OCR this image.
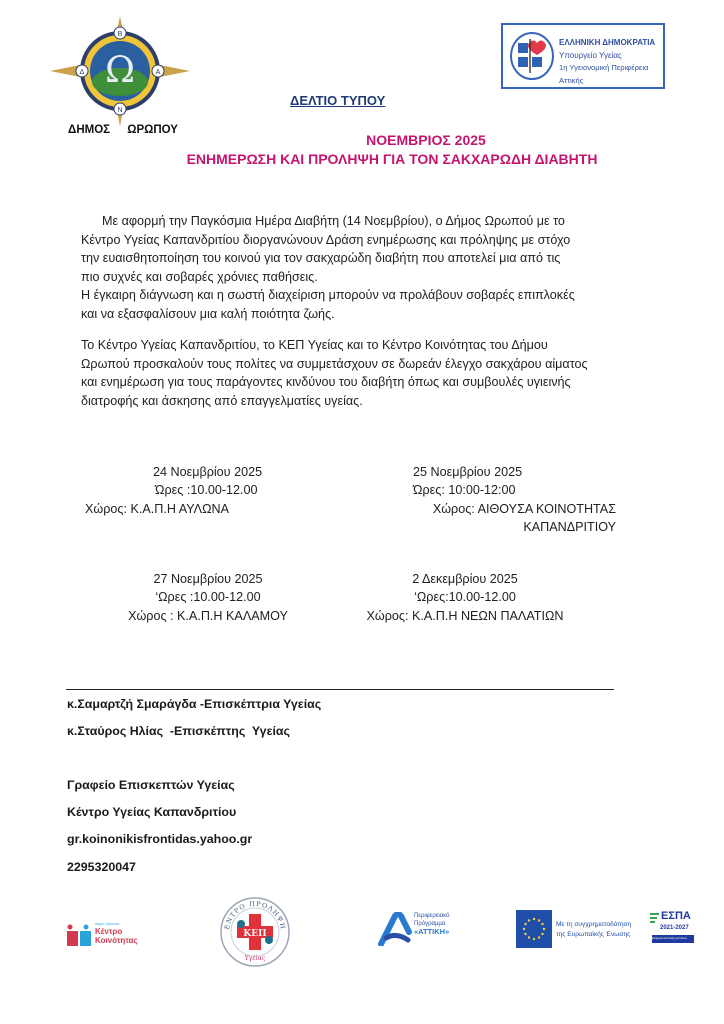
Β
Δ	Α
Ν
Ω
ΔΗΜΟΣ ΩΡΩΠΟΥ
ΕΛΛΗΝΙΚΗ ΔΗΜΟΚΡΑΤΙΑ
Υπουργείο Υγείας
1η Υγειονομική Περιφέρεια Αττικής
ΔΕΛΤΙΟ ΤΥΠΟΥ
ΝΟΕΜΒΡΙΟΣ 2025
ΕΝΗΜΕΡΩΣΗ ΚΑΙ ΠΡΟΛΗΨΗ ΓΙΑ ΤΟΝ ΣΑΚΧΑΡΩΔΗ ΔΙΑΒΗΤΗ
Με αφορμή την Παγκόσμια Ημέρα Διαβήτη (14 Νοεμβρίου), ο Δήμος Ωρωπού με το
Κέντρο Υγείας Καπανδριτίου διοργανώνουν Δράση ενημέρωσης και πρόληψης με στόχο
την ευαισθητοποίηση του κοινού για τον σακχαρώδη διαβήτη που αποτελεί μια από τις
πιο συχνές και σοβαρές χρόνιες παθήσεις.
Η έγκαιρη διάγνωση και η σωστή διαχείριση μπορούν να προλάβουν σοβαρές επιπλοκές
και να εξασφαλίσουν μια καλή ποιότητα ζωής.
Το Κέντρο Υγείας Καπανδριτίου, το ΚΕΠ Υγείας και το Κέντρο Κοινότητας του Δήμου
Ωρωπού προσκαλούν τους πολίτες να συμμετάσχουν σε δωρεάν έλεγχο σακχάρου αίματος
και ενημέρωση για τους παράγοντες κινδύνου του διαβήτη όπως και συμβουλές υγιεινής
διατροφής και άσκησης από επαγγελματίες υγείας.
24 Νοεμβρίου 2025
Ώρες :10.00-12.00
Χώρος: Κ.Α.Π.Η ΑΥΛΩΝΑ
25 Νοεμβρίου 2025
Ώρες: 10:00-12:00
Χώρος: ΑΙΘΟΥΣΑ ΚΟΙΝΟΤΗΤΑΣ
ΚΑΠΑΝΔΡΙΤΙΟΥ
27 Νοεμβρίου 2025
‘Ωρες :10.00-12.00
Χώρος : Κ.Α.Π.Η ΚΑΛΑΜΟΥ
2 Δεκεμβρίου 2025
‘Ωρες:10.00-12.00
Χώρος: Κ.Α.Π.Η ΝΕΩΝ ΠΑΛΑΤΙΩΝ
κ.Σαμαρτζή Σμαράγδα -Επισκέπτρια Υγείας
κ.Σταύρος Ηλίας  -Επισκέπτης  Υγείας
Γραφείο Επισκεπτών Υγείας
Κέντρο Υγείας Καπανδριτίου
gr.koinonikisfrontidas.yahoo.gr
2295320047
Δήμος Ωρωπού
Κέντρο
Κοινότητας
ΚΕΠ
ΕΝΤΡΟ ΠΡΟΛΗΨΗ
Υγείας
Περιφερειακό
Πρόγραμμα
«ΑΤΤΙΚΗ»
Με τη συγχρηματοδότηση
της Ευρωπαϊκής Ένωσης
ΕΣΠΑ
2021-2027
Ευημερία Αναπτυξη για Όλους
